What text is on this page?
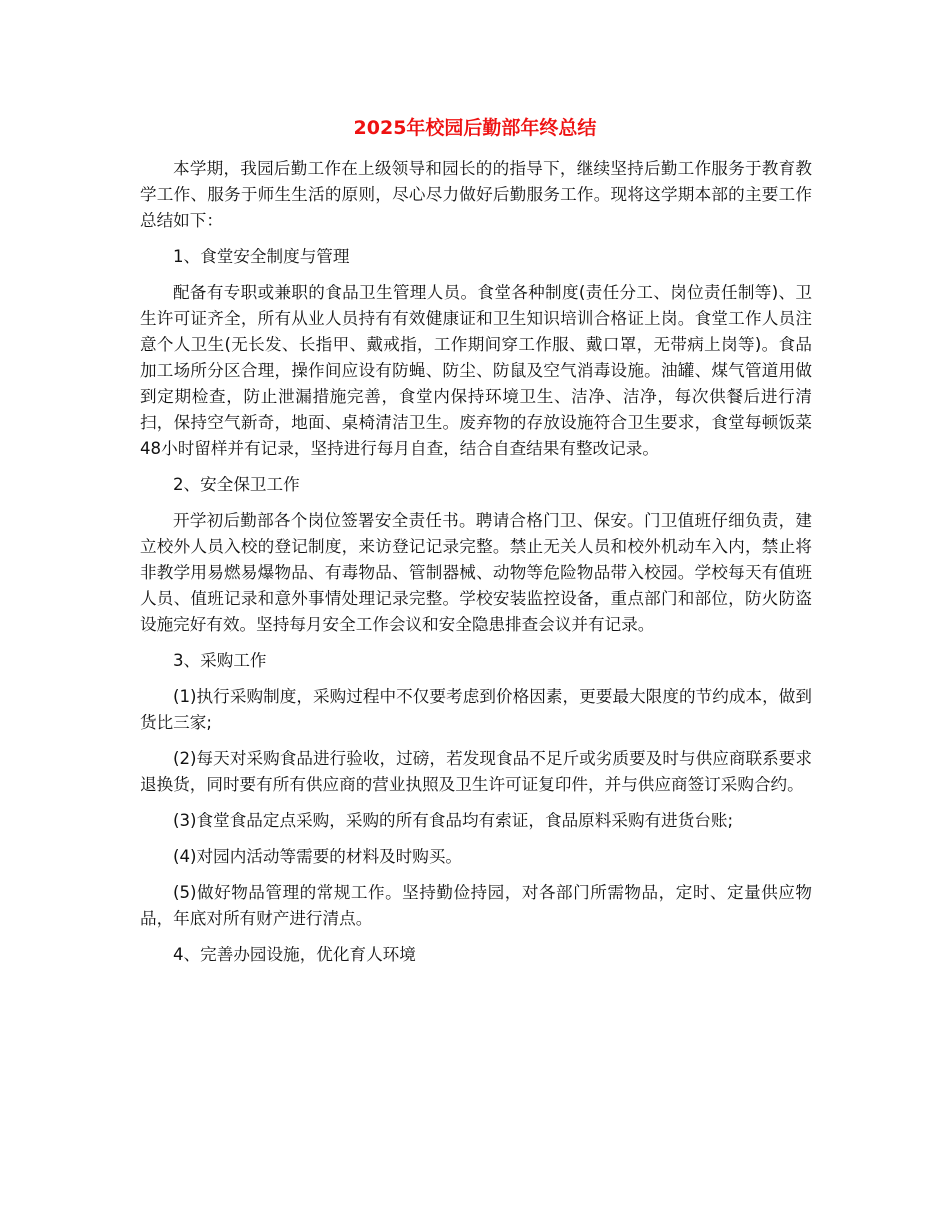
2025年校园后勤部年终总结

本学期，我园后勤工作在上级领导和园长的的指导下，继续坚持后勤工作服务于教育教学工作、服务于师生生活的原则，尽心尽力做好后勤服务工作。现将这学期本部的主要工作总结如下：

1、食堂安全制度与管理

配备有专职或兼职的食品卫生管理人员。食堂各种制度(责任分工、岗位责任制等)、卫生许可证齐全，所有从业人员持有有效健康证和卫生知识培训合格证上岗。食堂工作人员注意个人卫生(无长发、长指甲、戴戒指，工作期间穿工作服、戴口罩，无带病上岗等)。食品加工场所分区合理，操作间应设有防蝇、防尘、防鼠及空气消毒设施。油罐、煤气管道用做到定期检查，防止泄漏措施完善，食堂内保持环境卫生、洁净、洁净，每次供餐后进行清扫，保持空气新奇，地面、桌椅清洁卫生。废弃物的存放设施符合卫生要求，食堂每顿饭菜48小时留样并有记录，坚持进行每月自查，结合自查结果有整改记录。

2、安全保卫工作

开学初后勤部各个岗位签署安全责任书。聘请合格门卫、保安。门卫值班仔细负责，建立校外人员入校的登记制度，来访登记记录完整。禁止无关人员和校外机动车入内，禁止将非教学用易燃易爆物品、有毒物品、管制器械、动物等危险物品带入校园。学校每天有值班人员、值班记录和意外事情处理记录完整。学校安装监控设备，重点部门和部位，防火防盗设施完好有效。坚持每月安全工作会议和安全隐患排查会议并有记录。

3、采购工作

(1)执行采购制度，采购过程中不仅要考虑到价格因素，更要最大限度的节约成本，做到货比三家;

(2)每天对采购食品进行验收，过磅，若发现食品不足斤或劣质要及时与供应商联系要求退换货，同时要有所有供应商的营业执照及卫生许可证复印件，并与供应商签订采购合约。

(3)食堂食品定点采购，采购的所有食品均有索证，食品原料采购有进货台账;

(4)对园内活动等需要的材料及时购买。

(5)做好物品管理的常规工作。坚持勤俭持园，对各部门所需物品，定时、定量供应物品，年底对所有财产进行清点。

4、完善办园设施，优化育人环境
